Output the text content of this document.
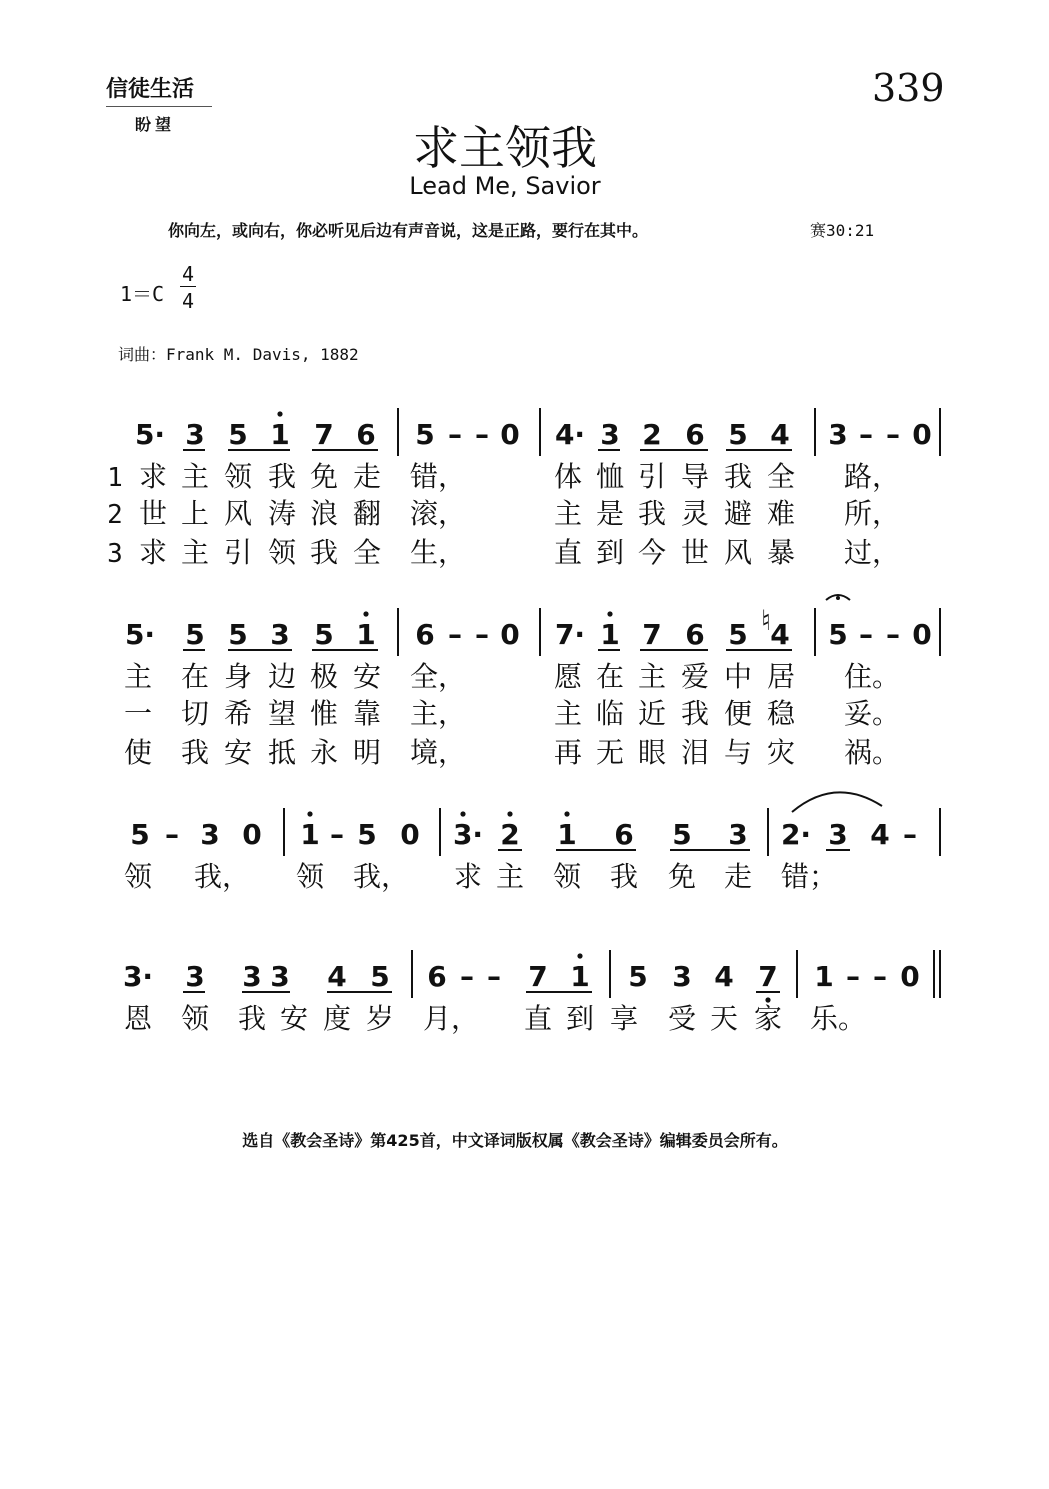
信徒生活
盼望
339
求主领我
Lead Me, Savior
你向左，或向右，你必听见后边有声音说，这是正路，要行在其中。	赛30:21
$1=C \frac{4}{4}$
词曲：Frank M. Davis, 1882
5· 3 5 1 7 6 5 – – 0 4· 3 2 6 5 4 3 – – 0
1 求 主 领 我 免 走 错，	体 恤 引 导 我 全 路，
2 世 上 风 涛 浪 翻 滚，	主 是 我 灵 避 难 所，
3 求 主 引 领 我 全 生，	直 到 今 世 风 暴 过，
5· 5 5 3 5 1 6 – – 0 7· 1 7 6 5 4
♮ 5 – – 0
主 在 身 边 极 安 全，	愿 在 主 爱 中 居 住。
一 切 希 望 惟 靠 主，	主 临 近 我 便 稳 妥。
使 我 安 抵 永 明 境，	再 无 眼 泪 与 灾 祸。
5 – 3 0 1 – 5 0 3· 2 1 6 5 3 2· 3 4 –
领 我， 领 我， 求 主 领 我 免 走 错；
3· 3 3 3 4 5 6 – – 7 1 5 3 4 7 1 – – 0
恩 领 我 安 度 岁 月， 直 到 享 受 天 家 乐。
选自《教会圣诗》第425首，中文译词版权属《教会圣诗》编辑委员会所有。
